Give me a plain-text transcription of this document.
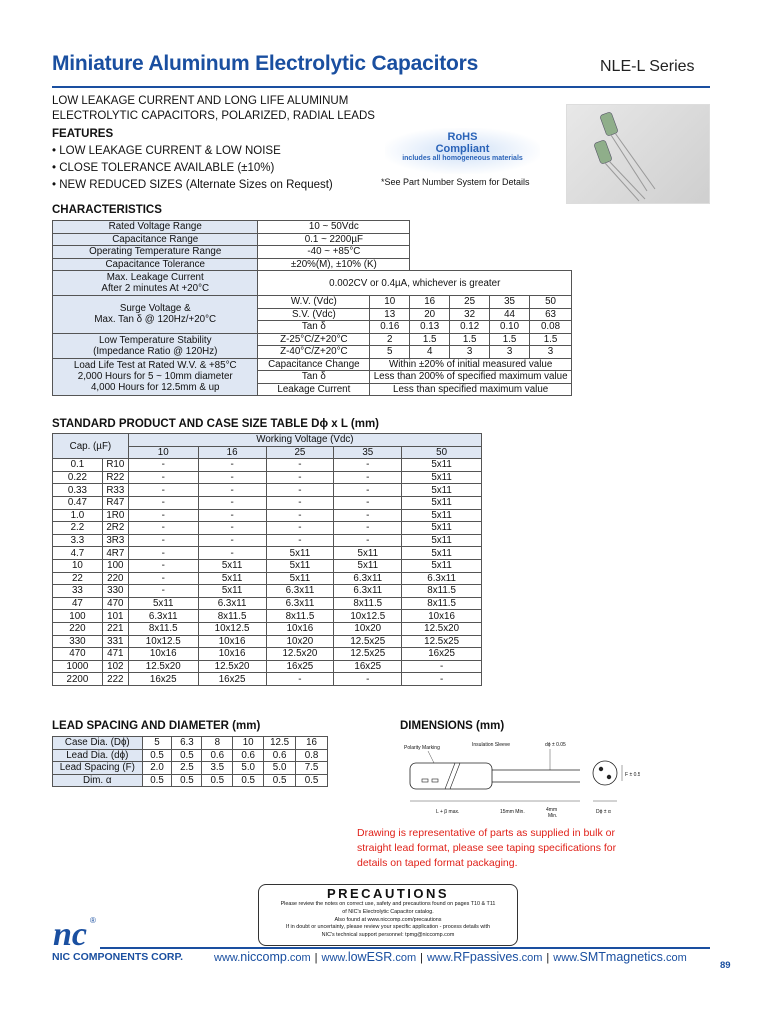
Miniature Aluminum Electrolytic Capacitors	NLE-L Series
LOW LEAKAGE CURRENT AND LONG LIFE ALUMINUM
ELECTROLYTIC CAPACITORS, POLARIZED, RADIAL LEADS
FEATURES
• LOW LEAKAGE CURRENT & LOW NOISE
• CLOSE TOLERANCE AVAILABLE (±10%)
• NEW REDUCED SIZES (Alternate Sizes on Request)
RoHS
Compliant
includes all homogeneous materials
*See Part Number System for Details
CHARACTERISTICS
Rated Voltage Range	10 ~ 50Vdc					
Capacitance Range	0.1 ~ 2200µF					
Operating Temperature Range	-40 ~ +85°C					
Capacitance Tolerance	±20%(M), ±10% (K)					

Max. Leakage Current
After 2 minutes At +20°C	0.002CV or 0.4µA, whichever is greater					

Surge Voltage &
Max. Tan δ @ 120Hz/+20°C	W.V. (Vdc)	10	16	25	35	50
	S.V. (Vdc)	13	20	32	44	63
	Tan δ	0.16	0.13	0.12	0.10	0.08

Low Temperature Stability
(Impedance Ratio @ 120Hz)	Z-25°C/Z+20°C	2	1.5	1.5	1.5	1.5
	Z-40°C/Z+20°C	5	4	3	3	3

Load Life Test at Rated W.V. & +85°C
2,000 Hours for 5 ~ 10mm diameter
4,000 Hours for 12.5mm & up	Capacitance Change	Within ±20% of initial measured value				
	Tan δ	Less than 200% of specified maximum value				
	Leakage Current	Less than specified maximum value				
STANDARD PRODUCT AND CASE SIZE TABLE Dϕ x L (mm)
Cap. (µF)		Working Voltage (Vdc)				
		10	16	25	35	50
0.1	R10	-	-	-	-	5x11
0.22	R22	-	-	-	-	5x11
0.33	R33	-	-	-	-	5x11
0.47	R47	-	-	-	-	5x11
1.0	1R0	-	-	-	-	5x11
2.2	2R2	-	-	-	-	5x11
3.3	3R3	-	-	-	-	5x11
4.7	4R7	-	-	5x11	5x11	5x11
10	100	-	5x11	5x11	5x11	5x11
22	220	-	5x11	5x11	6.3x11	6.3x11
33	330	-	5x11	6.3x11	6.3x11	8x11.5
47	470	5x11	6.3x11	6.3x11	8x11.5	8x11.5
100	101	6.3x11	8x11.5	8x11.5	10x12.5	10x16
220	221	8x11.5	10x12.5	10x16	10x20	12.5x20
330	331	10x12.5	10x16	10x20	12.5x25	12.5x25
470	471	10x16	10x16	12.5x20	12.5x25	16x25
1000	102	12.5x20	12.5x20	16x25	16x25	-
2200	222	16x25	16x25	-	-	-
LEAD SPACING AND DIAMETER (mm)
Case Dia. (Dϕ)	5	6.3	8	10	12.5	16
Lead Dia. (dϕ)	0.5	0.5	0.6	0.6	0.6	0.8
Lead Spacing (F)	2.0	2.5	3.5	5.0	5.0	7.5
Dim. α	0.5	0.5	0.5	0.5	0.5	0.5
DIMENSIONS (mm)
Polarity Marking	Insulation Sleeve	dϕ ± 0.05
F ± 0.5
L + β max.	15mm Min.	4mm
Min.
Dϕ ± α
Drawing is representative of parts as supplied in bulk or straight lead format, please see taping specifications for details on taped format packaging.
PRECAUTIONS
Please review the notes on correct use, safety and precautions found on pages T10 & T11
of NIC's Electrolytic Capacitor catalog.
Also found at www.niccomp.com/precautions
If in doubt or uncertainty, please review your specific application - process details with
NIC's technical support personnel: tpmg@niccomp.com
nc ®
NIC COMPONENTS CORP.	www.niccomp.com | www.lowESR.com | www.RFpassives.com | www.SMTmagnetics.com
89
